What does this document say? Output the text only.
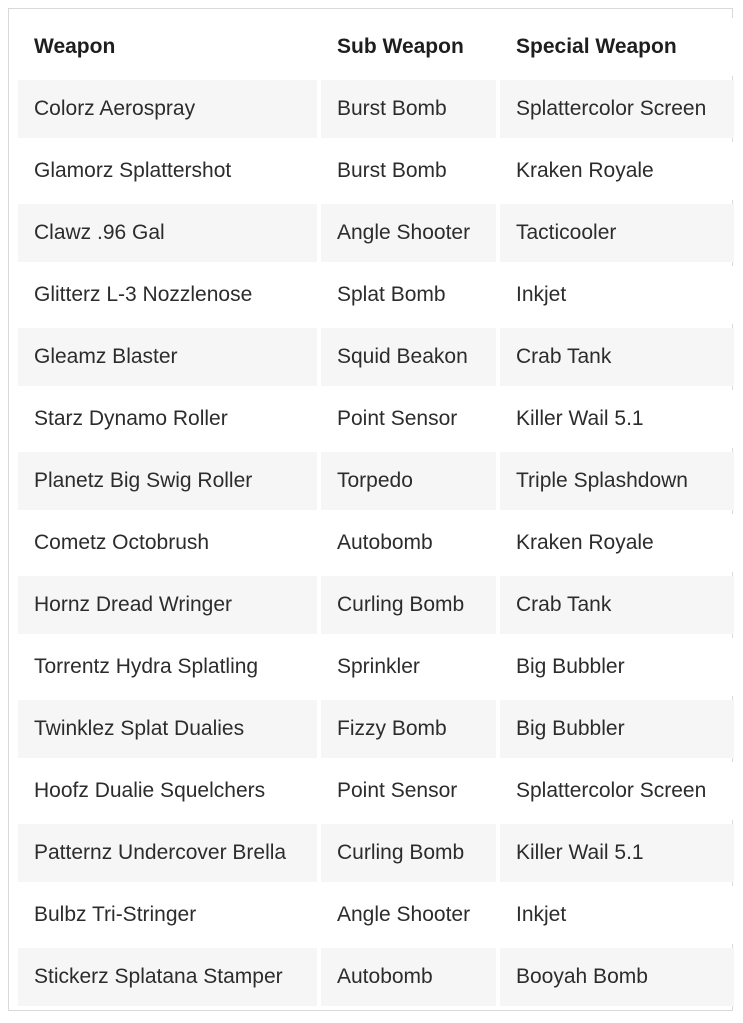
Weapon	Sub Weapon	Special Weapon
Colorz Aerospray	Burst Bomb	Splattercolor Screen
Glamorz Splattershot	Burst Bomb	Kraken Royale
Clawz .96 Gal	Angle Shooter	Tacticooler
Glitterz L-3 Nozzlenose	Splat Bomb	Inkjet
Gleamz Blaster	Squid Beakon	Crab Tank
Starz Dynamo Roller	Point Sensor	Killer Wail 5.1
Planetz Big Swig Roller	Torpedo	Triple Splashdown
Cometz Octobrush	Autobomb	Kraken Royale
Hornz Dread Wringer	Curling Bomb	Crab Tank
Torrentz Hydra Splatling	Sprinkler	Big Bubbler
Twinklez Splat Dualies	Fizzy Bomb	Big Bubbler
Hoofz Dualie Squelchers	Point Sensor	Splattercolor Screen
Patternz Undercover Brella	Curling Bomb	Killer Wail 5.1
Bulbz Tri-Stringer	Angle Shooter	Inkjet
Stickerz Splatana Stamper	Autobomb	Booyah Bomb
